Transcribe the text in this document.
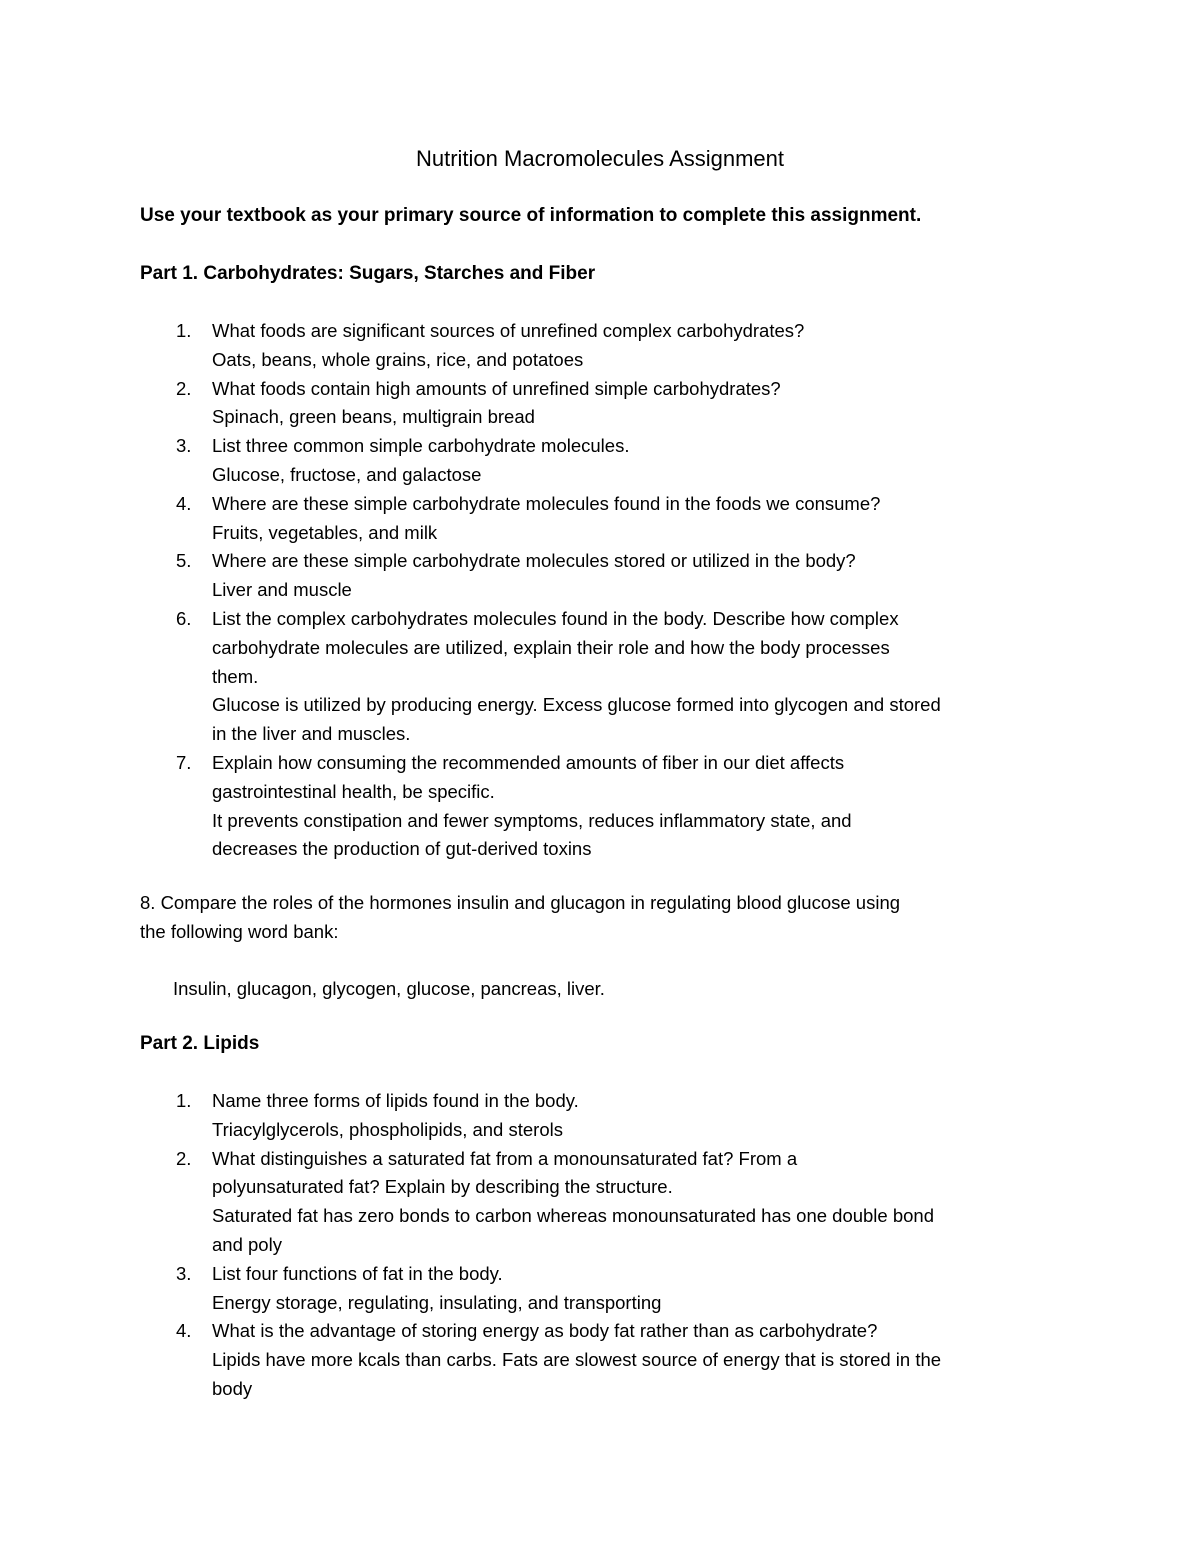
Nutrition Macromolecules Assignment

Use your textbook as your primary source of information to complete this assignment.

Part 1. Carbohydrates: Sugars, Starches and Fiber
1.	What foods are significant sources of unrefined complex carbohydrates?
Oats, beans, whole grains, rice, and potatoes
2.	What foods contain high amounts of unrefined simple carbohydrates?
Spinach, green beans, multigrain bread
3.	List three common simple carbohydrate molecules.
Glucose, fructose, and galactose
4.	Where are these simple carbohydrate molecules found in the foods we consume?
Fruits, vegetables, and milk
5.	Where are these simple carbohydrate molecules stored or utilized in the body?
Liver and muscle
6.	List the complex carbohydrates molecules found in the body. Describe how complex
carbohydrate molecules are utilized, explain their role and how the body processes
them.
Glucose is utilized by producing energy. Excess glucose formed into glycogen and stored
in the liver and muscles.
7.	Explain how consuming the recommended amounts of fiber in our diet affects
gastrointestinal health, be specific.
It prevents constipation and fewer symptoms, reduces inflammatory state, and
decreases the production of gut-derived toxins
8. Compare the roles of the hormones insulin and glucagon in regulating blood glucose using
the following word bank:

Insulin, glucagon, glycogen, glucose, pancreas, liver.

Part 2. Lipids
1.	Name three forms of lipids found in the body.
Triacylglycerols, phospholipids, and sterols
2.	What distinguishes a saturated fat from a monounsaturated fat? From a
polyunsaturated fat? Explain by describing the structure.
Saturated fat has zero bonds to carbon whereas monounsaturated has one double bond
and poly
3.	List four functions of fat in the body.
Energy storage, regulating, insulating, and transporting
4.	What is the advantage of storing energy as body fat rather than as carbohydrate?
Lipids have more kcals than carbs. Fats are slowest source of energy that is stored in the
body
